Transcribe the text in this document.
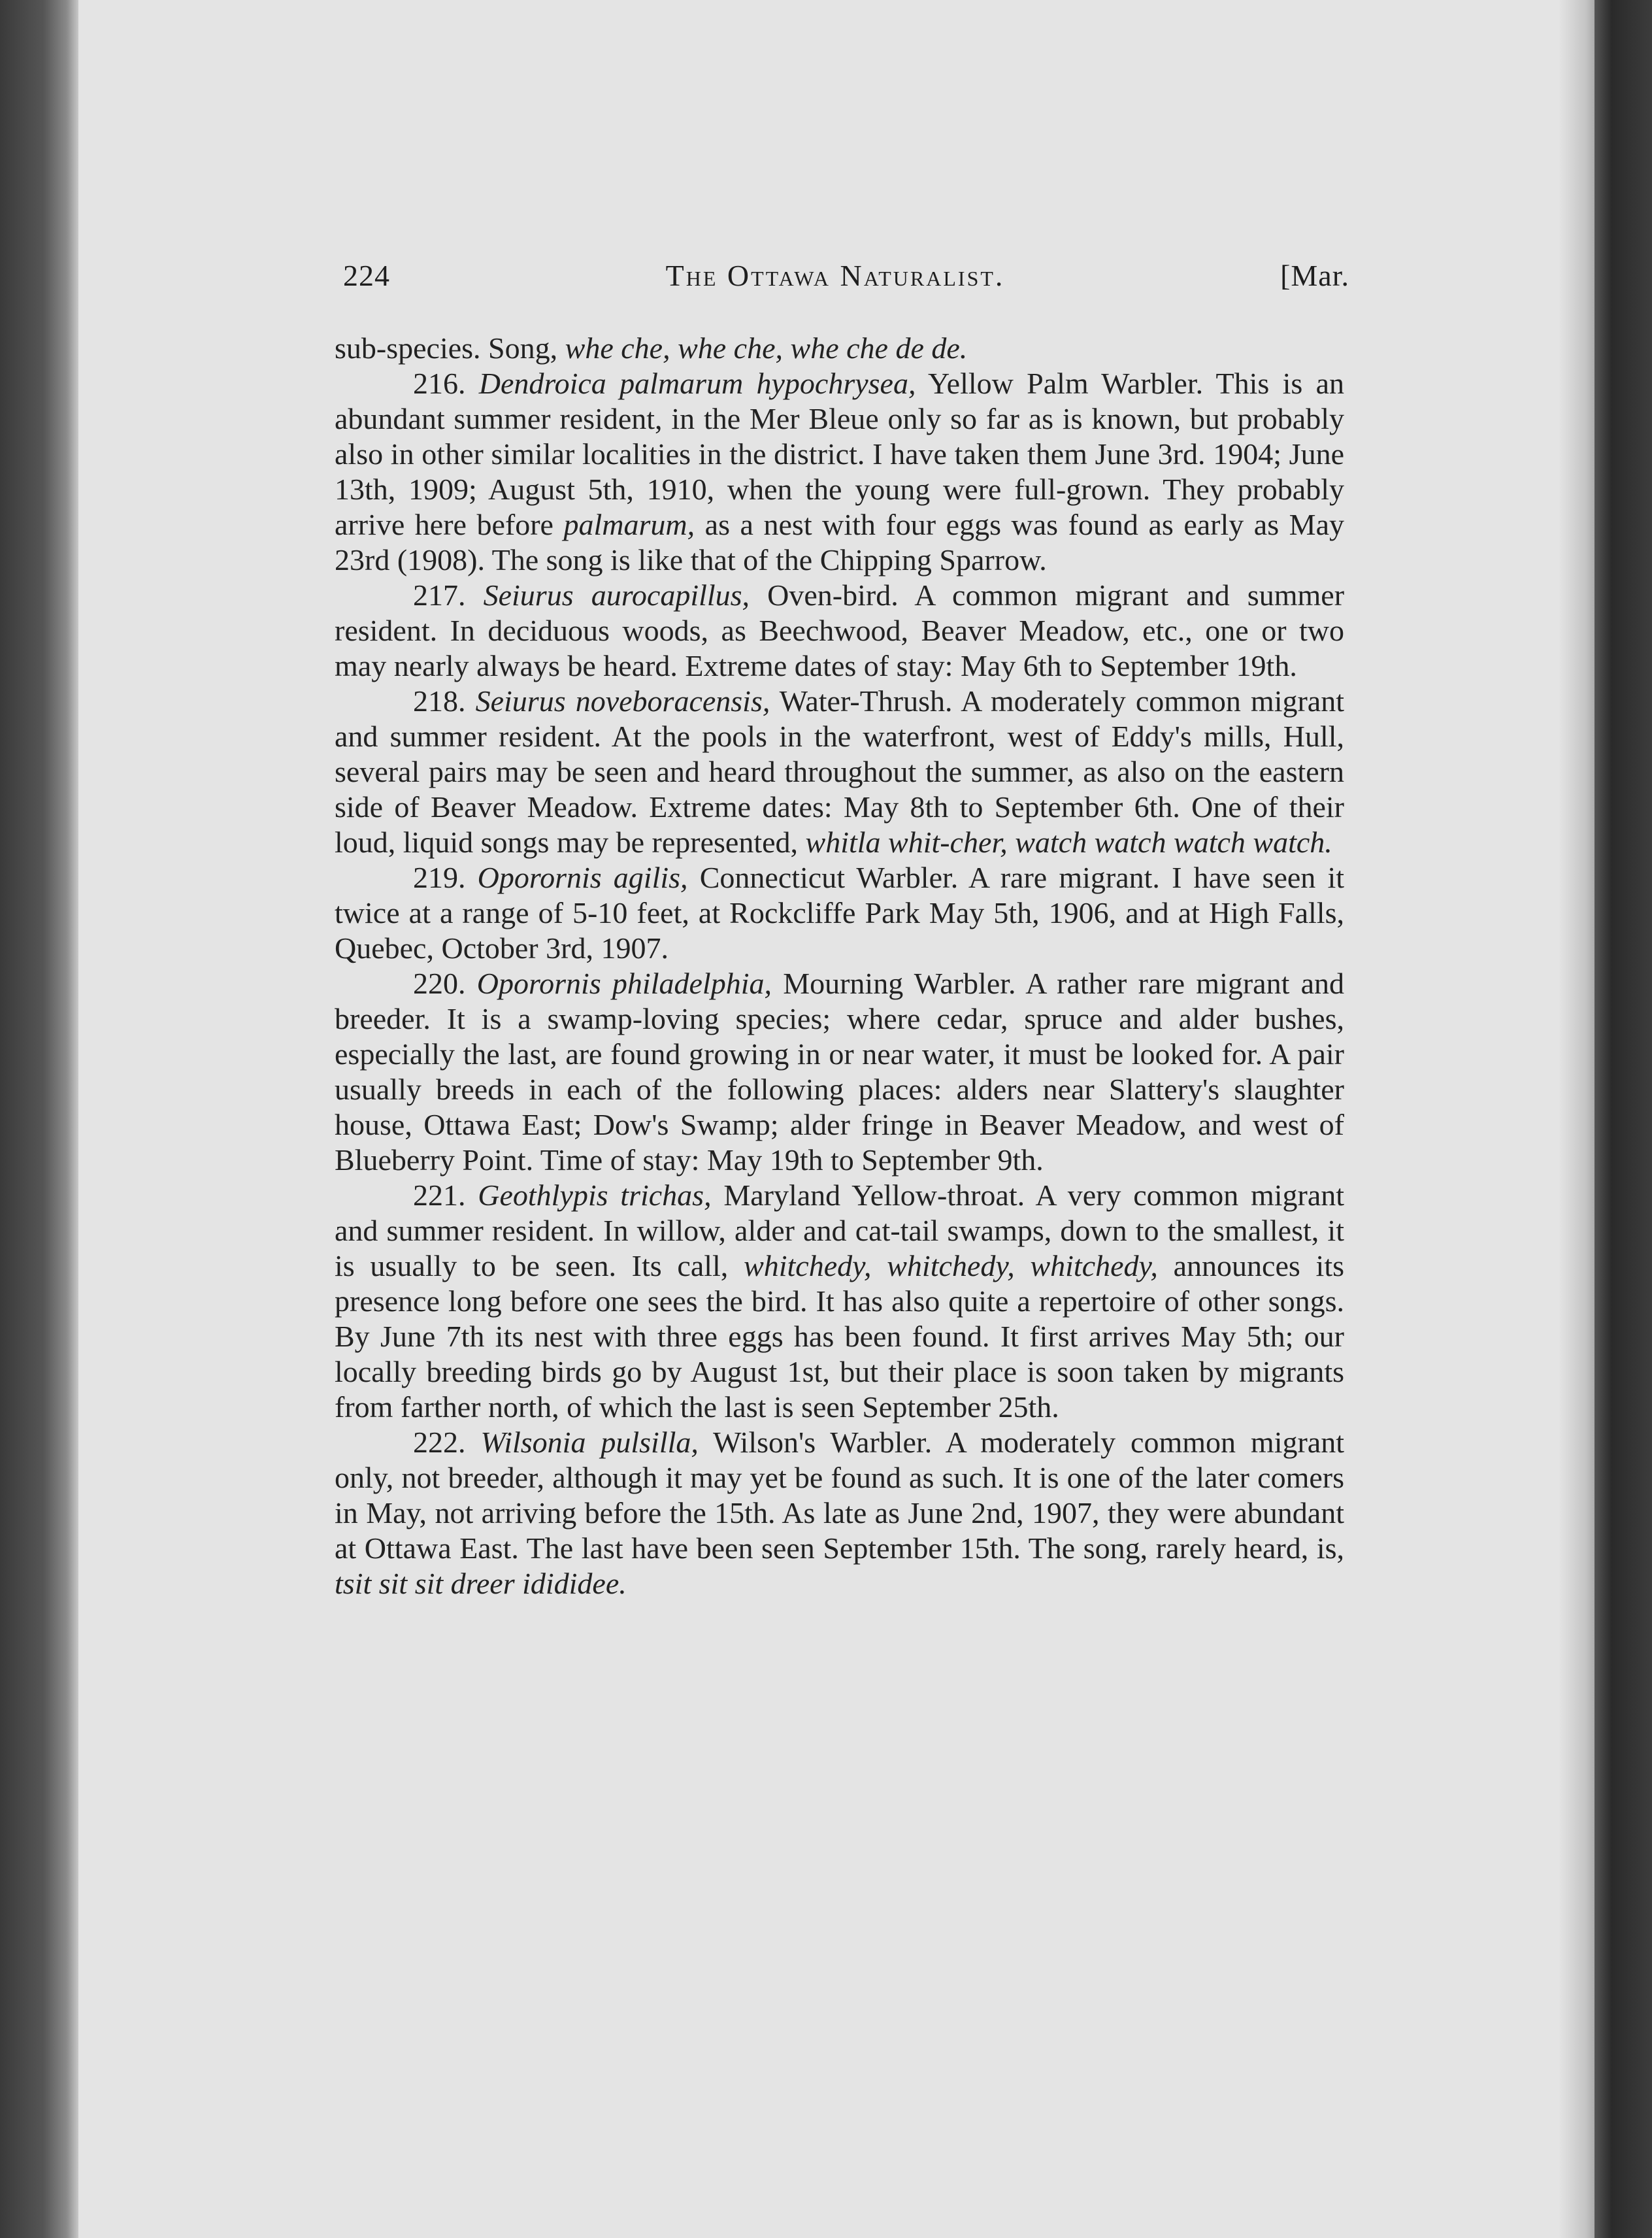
224	The Ottawa Naturalist.	[Mar.

sub-species. Song, whe che, whe che, whe che de de.

216. Dendroica palmarum hypochrysea, Yellow Palm Warbler. This is an abundant summer resident, in the Mer Bleue only so far as is known, but probably also in other similar localities in the district. I have taken them June 3rd. 1904; June 13th, 1909; August 5th, 1910, when the young were full-grown. They probably arrive here before palmarum, as a nest with four eggs was found as early as May 23rd (1908). The song is like that of the Chipping Sparrow.

217. Seiurus aurocapillus, Oven-bird. A common migrant and summer resident. In deciduous woods, as Beechwood, Beaver Meadow, etc., one or two may nearly always be heard. Extreme dates of stay: May 6th to September 19th.

218. Seiurus noveboracensis, Water-Thrush. A moderately common migrant and summer resident. At the pools in the waterfront, west of Eddy's mills, Hull, several pairs may be seen and heard throughout the summer, as also on the eastern side of Beaver Meadow. Extreme dates: May 8th to September 6th. One of their loud, liquid songs may be represented, whitla whit-cher, watch watch watch watch.

219. Oporornis agilis, Connecticut Warbler. A rare migrant. I have seen it twice at a range of 5-10 feet, at Rockcliffe Park May 5th, 1906, and at High Falls, Quebec, October 3rd, 1907.

220. Oporornis philadelphia, Mourning Warbler. A rather rare migrant and breeder. It is a swamp-loving species; where cedar, spruce and alder bushes, especially the last, are found growing in or near water, it must be looked for. A pair usually breeds in each of the following places: alders near Slattery's slaughter house, Ottawa East; Dow's Swamp; alder fringe in Beaver Meadow, and west of Blueberry Point. Time of stay: May 19th to September 9th.

221. Geothlypis trichas, Maryland Yellow-throat. A very common migrant and summer resident. In willow, alder and cat-tail swamps, down to the smallest, it is usually to be seen. Its call, whitchedy, whitchedy, whitchedy, announces its presence long before one sees the bird. It has also quite a repertoire of other songs. By June 7th its nest with three eggs has been found. It first arrives May 5th; our locally breeding birds go by August 1st, but their place is soon taken by migrants from farther north, of which the last is seen September 25th.

222. Wilsonia pulsilla, Wilson's Warbler. A moderately common migrant only, not breeder, although it may yet be found as such. It is one of the later comers in May, not arriving before the 15th. As late as June 2nd, 1907, they were abundant at Ottawa East. The last have been seen September 15th. The song, rarely heard, is, tsit sit sit dreer idididee.
